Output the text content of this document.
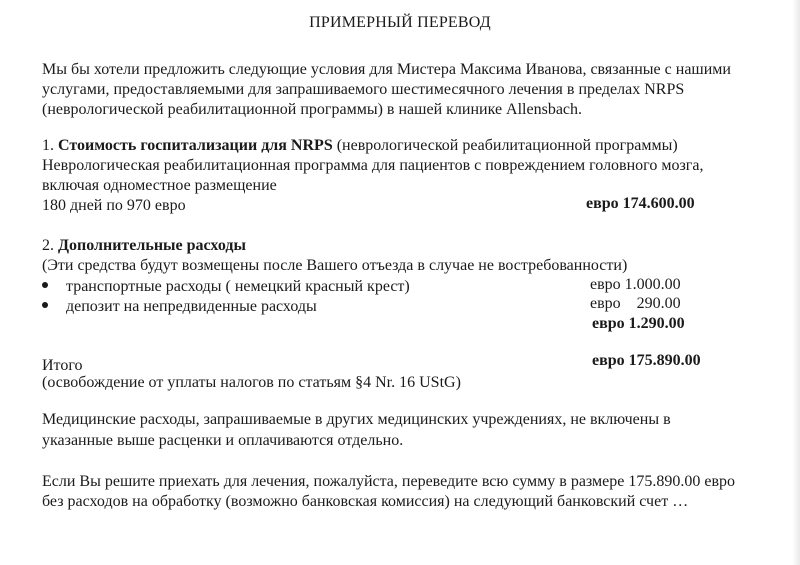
ПРИМЕРНЫЙ ПЕРЕВОД
Мы бы хотели предложить следующие условия для Мистера Максима Иванова, связанные с нашими
услугами, предоставляемыми для запрашиваемого шестимесячного лечения в пределах NRPS
(неврологической реабилитационной программы) в нашей клинике Allensbach.
1. Стоимость госпитализации для NRPS (неврологической реабилитационной программы)
Неврологическая реабилитационная программа для пациентов с повреждением головного мозга,
включая одноместное размещение
180 дней по 970 евро	евро 174.600.00
2. Дополнительные расходы
(Эти средства будут возмещены после Вашего отъезда в случае не востребованности)
транспортные расходы ( немецкий красный крест)	евро 1.000.00
депозит на непредвиденные расходы	евро    290.00
евро 1.290.00
Итого	евро 175.890.00
(освобождение от уплаты налогов по статьям §4 Nr. 16 UStG)
Медицинские расходы, запрашиваемые в других медицинских учреждениях, не включены в
указанные выше расценки и оплачиваются отдельно.
Если Вы решите приехать для лечения, пожалуйста, переведите всю сумму в размере 175.890.00 евро
без расходов на обработку (возможно банковская комиссия) на следующий банковский счет …
